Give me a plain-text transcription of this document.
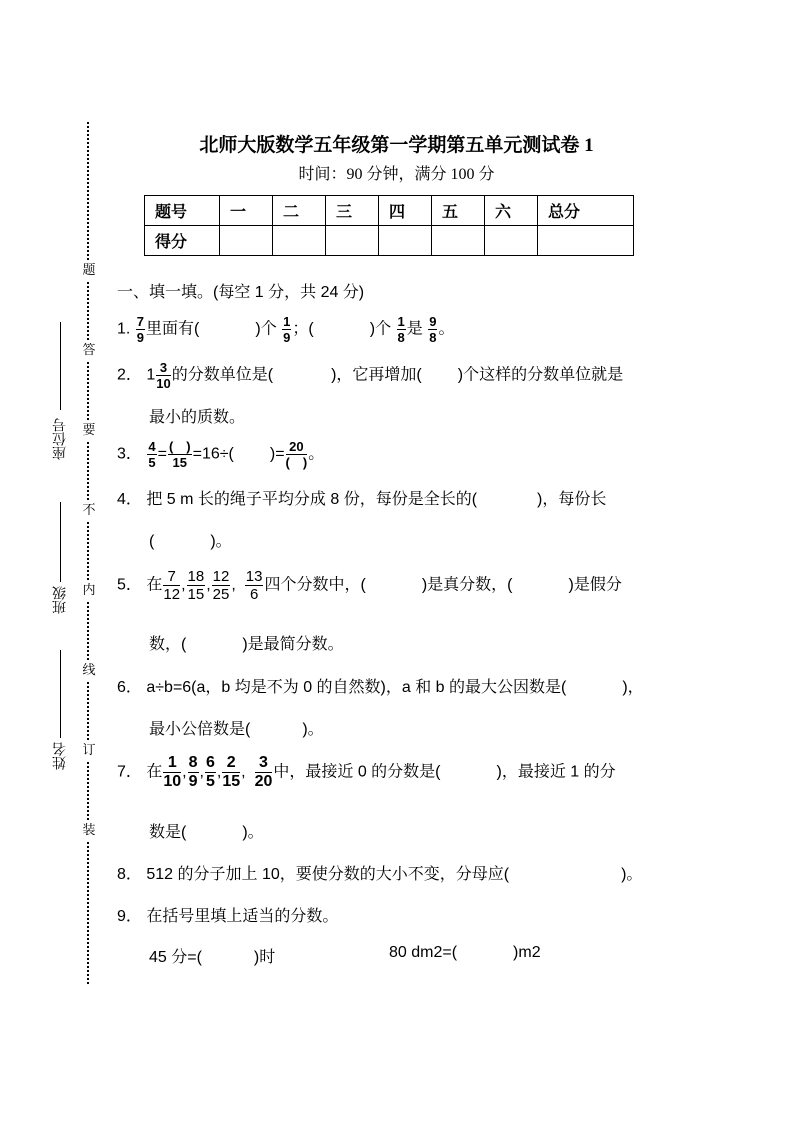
题
答
要
不
内
线
订
装
座位号
班级
姓名
北师大版数学五年级第一学期第五单元测试卷 1
时间：90 分钟，满分 100 分
题号	一	二	三	四	五	六	总分
得分							
一、填一填。(每空 1 分，共 24 分)
1. $\frac{7}{9}$ 里面有(	)个 $\frac{1}{9}$ ；(	)个 $\frac{1}{8}$ 是 $\frac{9}{8}$ 。
2． $1 \frac{3}{10}$ 的分数单位是(	)，它再增加( )个这样的分数单位就是
最小的质数。
3． $\frac{4}{5} = \frac{( )}{15} =16\div$( )= $\frac{20}{( )}$ 。
4． 把 5 m 长的绳子平均分成 8 份，每份是全长的(	)，每份长
(	)。
5． 在 $\frac{7}{12}$ , $\frac{18}{15}$ , $\frac{12}{25}$ , $\frac{13}{6}$ 四个分数中，(	)是真分数，(	)是假分
数，(	)是最简分数。
6． a÷b=6(a，b 均是不为 0 的自然数)，a 和 b 的最大公因数是(	)，
最小公倍数是(	)。
7． 在 $\frac{1}{10}$ , $\frac{8}{9}$ , $\frac{6}{5}$ , $\frac{2}{15}$ , $\frac{3}{20}$ 中，最接近 0 的分数是(	)，最接近 1 的分
数是(	)。
8． 512 的分子加上 10，要使分数的大小不变，分母应(	)。
9． 在括号里填上适当的分数。
45 分=(	)时	80 dm2=(	)m2
